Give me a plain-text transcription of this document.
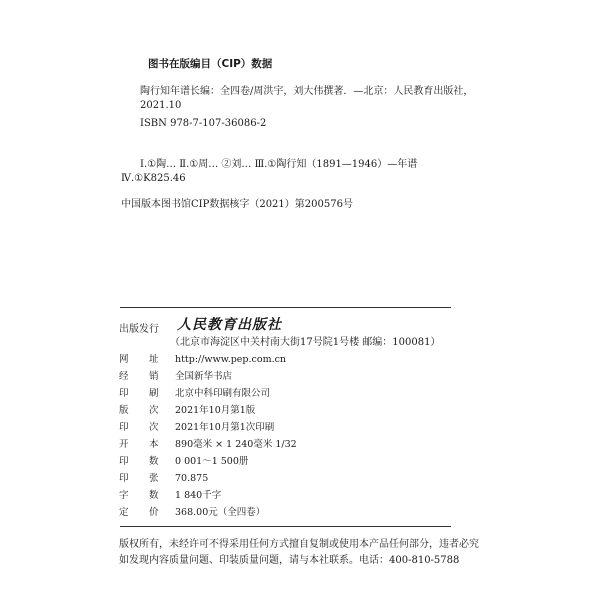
图书在版编目（CIP）数据
陶行知年谱长编：全四卷/周洪宇，刘大伟撰著．—北京：人民教育出版社，
2021.10
ISBN 978-7-107-36086-2
Ⅰ.①陶… Ⅱ.①周… ②刘… Ⅲ.①陶行知（1891—1946）—年谱
Ⅳ.①K825.46
中国版本图书馆CIP数据核字（2021）第200576号
出版发行 人民教育出版社
（北京市海淀区中关村南大街17号院1号楼 邮编：100081）
网 址 http://www.pep.com.cn
经 销 全国新华书店
印 刷 北京中科印刷有限公司
版 次 2021年10月第1版
印 次 2021年10月第1次印刷
开 本 890毫米 × 1 240毫米 1/32
印 数 0 001～1 500册
印 张 70.875
字 数 1 840千字
定 价 368.00元（全四卷）
版权所有，未经许可不得采用任何方式擅自复制或使用本产品任何部分，违者必究
如发现内容质量问题、印装质量问题，请与本社联系。电话：400-810-5788
